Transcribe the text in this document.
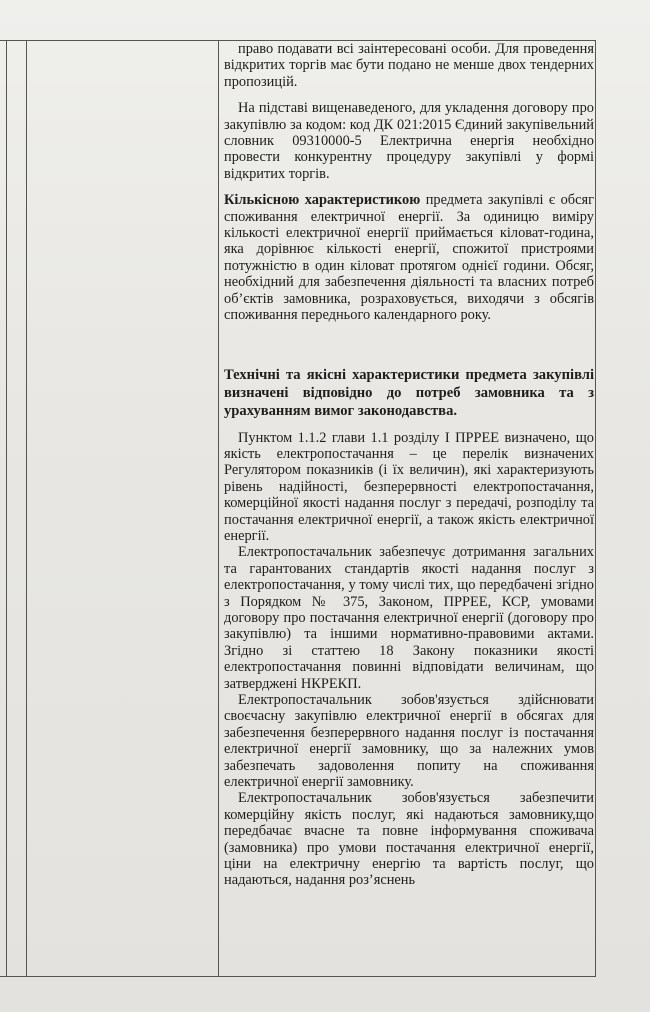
право подавати всі заінтересовані особи. Для проведення відкритих торгів має бути подано не менше двох тендерних пропозицій.

На підставі вищенаведеного, для укладення договору про закупівлю за кодом: код ДК 021:2015 Єдиний закупівельний словник 09310000-5 Електрична енергія необхідно провести конкурентну процедуру закупівлі у формі відкритих торгів.

Кількісною характеристикою предмета закупівлі є обсяг споживання електричної енергії. За одиницю виміру кількості електричної енергії приймається кіловат-година, яка дорівнює кількості енергії, спожитої пристроями потужністю в один кіловат протягом однієї години. Обсяг, необхідний для забезпечення діяльності та власних потреб об’єктів замовника, розраховується, виходячи з обсягів споживання переднього календарного року.

Технічні та якісні характеристики предмета закупівлі визначені відповідно до потреб замовника та з урахуванням вимог законодавства.

Пунктом 1.1.2 глави 1.1 розділу І ПРРЕЕ визначено, що якість електропостачання – це перелік визначених Регулятором показників (і їх величин), які характеризують рівень надійності, безперервності електропостачання, комерційної якості надання послуг з передачі, розподілу та постачання електричної енергії, а також якість електричної енергії.

Електропостачальник забезпечує дотримання загальних та гарантованих стандартів якості надання послуг з електропостачання, у тому числі тих, що передбачені згідно з Порядком № 375, Законом, ПРРЕЕ, КСР, умовами договору про постачання електричної енергії (договору про закупівлю) та іншими нормативно-правовими актами. Згідно зі статтею 18 Закону показники якості електропостачання повинні відповідати величинам, що затверджені НКРЕКП.

Електропостачальник зобов'язується здійснювати своєчасну закупівлю електричної енергії в обсягах для забезпечення безперервного надання послуг із постачання електричної енергії замовнику, що за належних умов забезпечать задоволення попиту на споживання електричної енергії замовнику.

Електропостачальник зобов'язується забезпечити комерційну якість послуг, які надаються замовнику,що передбачає вчасне та повне інформування споживача (замовника) про умови постачання електричної енергії, ціни на електричну енергію та вартість послуг, що надаються, надання роз’яснень
